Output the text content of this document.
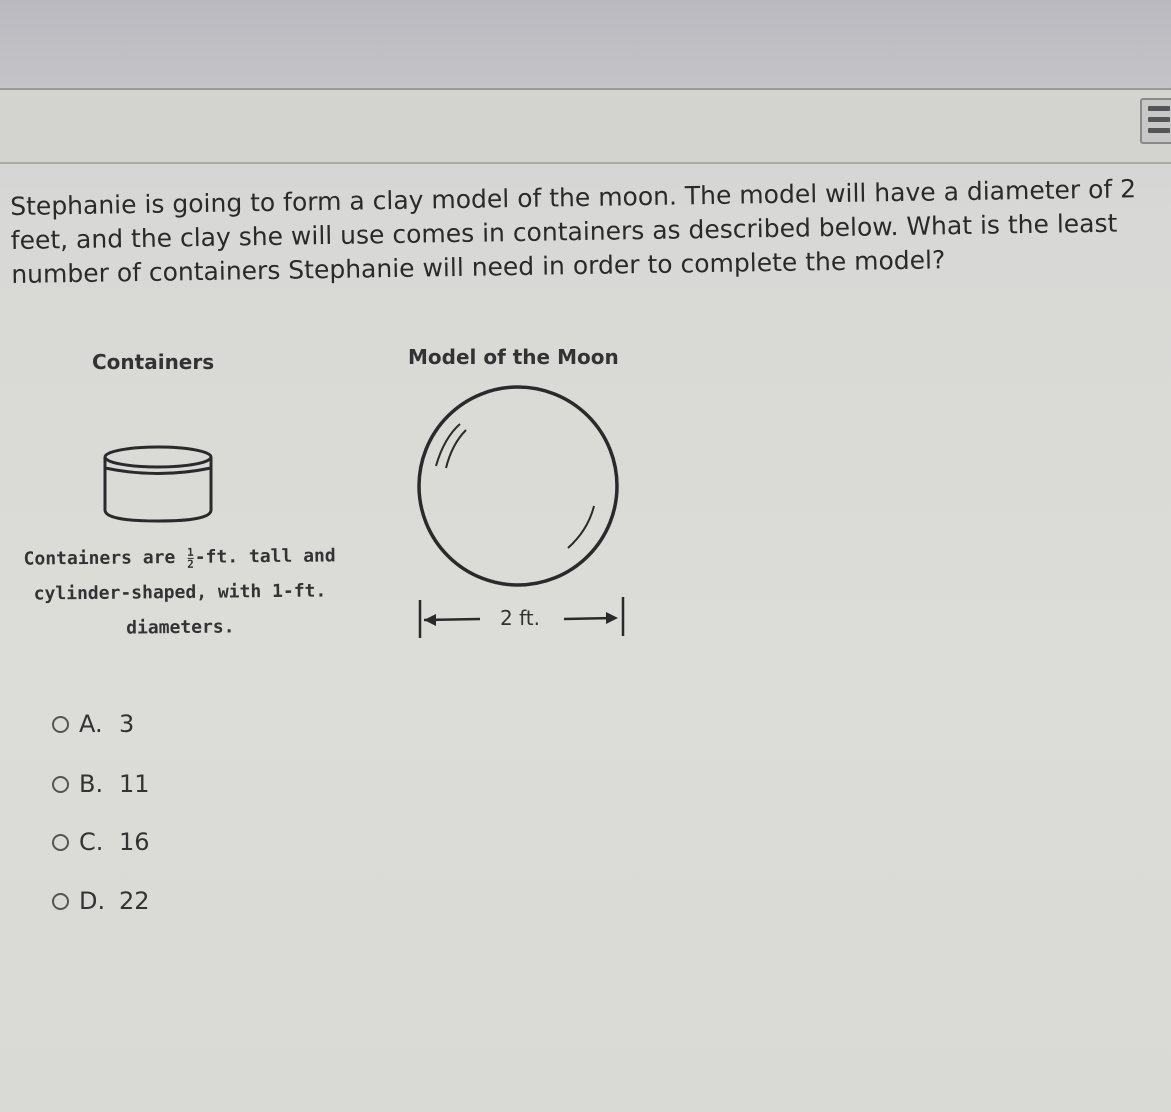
Stephanie is going to form a clay model of the moon. The model will have a diameter of 2 feet, and the clay she will use comes in containers as described below. What is the least number of containers Stephanie will need in order to complete the model?

Containers	Model of the Moon

2 ft.
Containers are $\frac{1}{2} -ft$. tall and
cylinder-shaped, with 1-ft.
diameters.
A. 3
B. 11
C. 16
D. 22
